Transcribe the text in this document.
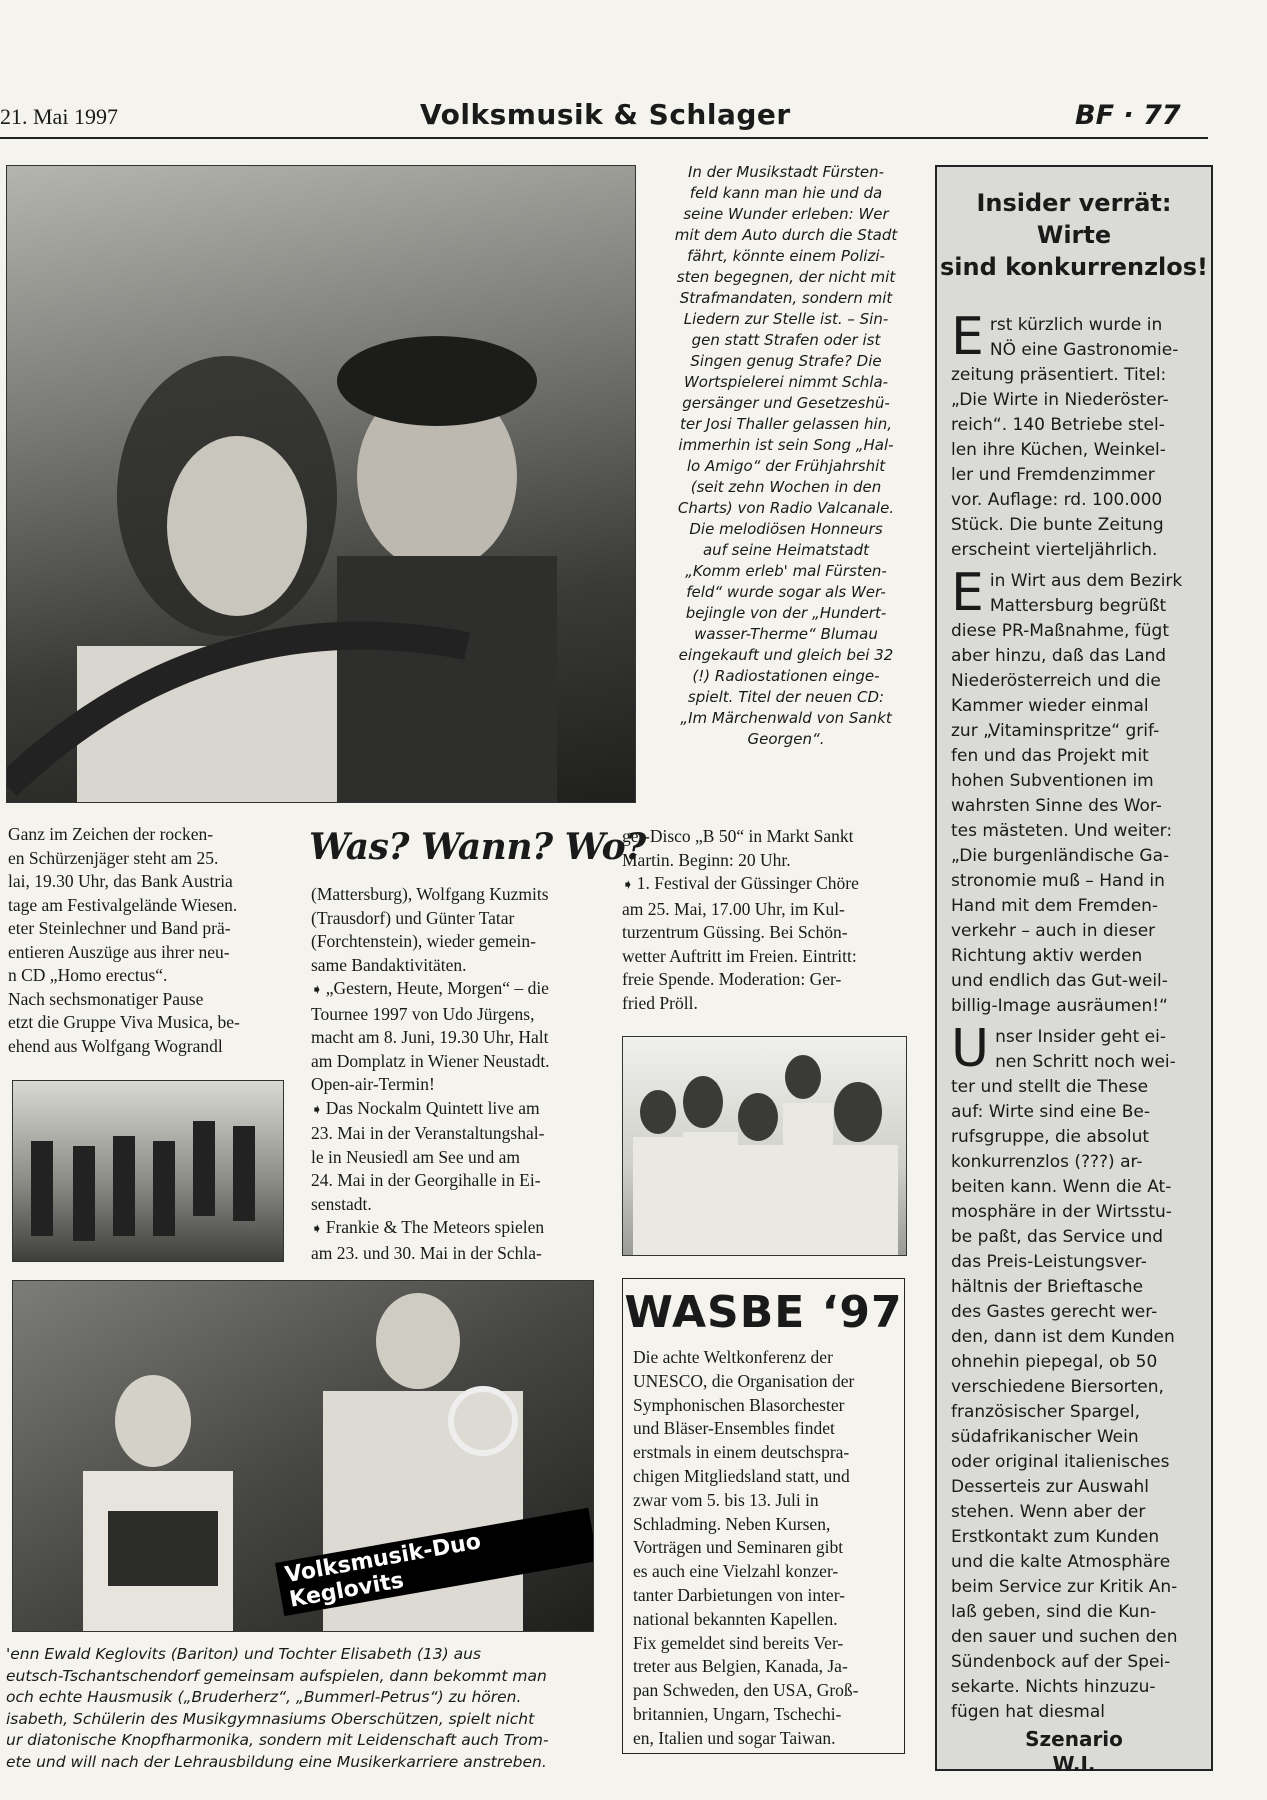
21. Mai 1997	Volksmusik & Schlager	BF · 77
In der Musikstadt Fürsten-
feld kann man hie und da
seine Wunder erleben: Wer
mit dem Auto durch die Stadt
fährt, könnte einem Polizi-
sten begegnen, der nicht mit
Strafmandaten, sondern mit
Liedern zur Stelle ist. – Sin-
gen statt Strafen oder ist
Singen genug Strafe? Die
Wortspielerei nimmt Schla-
gersänger und Gesetzeshü-
ter Josi Thaller gelassen hin,
immerhin ist sein Song „Hal-
lo Amigo“ der Frühjahrshit
(seit zehn Wochen in den
Charts) von Radio Valcanale.
Die melodiösen Honneurs
auf seine Heimatstadt
„Komm erleb' mal Fürsten-
feld“ wurde sogar als Wer-
bejingle von der „Hundert-
wasser-Therme“ Blumau
eingekauft und gleich bei 32
(!) Radiostationen einge-
spielt. Titel der neuen CD:
„Im Märchenwald von Sankt
Georgen“.
Ganz im Zeichen der rocken-
en Schürzenjäger steht am 25.
lai, 19.30 Uhr, das Bank Austria
tage am Festivalgelände Wiesen.
eter Steinlechner und Band prä-
entieren Auszüge aus ihrer neu-
n CD „Homo erectus“.
Nach sechsmonatiger Pause
etzt die Gruppe Viva Musica, be-
ehend aus Wolfgang Wograndl
Volksmusik-Duo Keglovits
'enn Ewald Keglovits (Bariton) und Tochter Elisabeth (13) aus
eutsch-Tschantschendorf gemeinsam aufspielen, dann bekommt man
och echte Hausmusik („Bruderherz“, „Bummerl-Petrus“) zu hören.
isabeth, Schülerin des Musikgymnasiums Oberschützen, spielt nicht
ur diatonische Knopfharmonika, sondern mit Leidenschaft auch Trom-
ete und will nach der Lehrausbildung eine Musikerkarriere anstreben.
Was? Wann? Wo?
(Mattersburg), Wolfgang Kuzmits
(Trausdorf) und Günter Tatar
(Forchtenstein), wieder gemein-
same Bandaktivitäten.
➧ „Gestern, Heute, Morgen“ – die
Tournee 1997 von Udo Jürgens,
macht am 8. Juni, 19.30 Uhr, Halt
am Domplatz in Wiener Neustadt.
Open-air-Termin!
➧ Das Nockalm Quintett live am
23. Mai in der Veranstaltungshal-
le in Neusiedl am See und am
24. Mai in der Georgihalle in Ei-
senstadt.
➧ Frankie & The Meteors spielen
am 23. und 30. Mai in der Schla-
ger-Disco „B 50“ in Markt Sankt
Martin. Beginn: 20 Uhr.
➧ 1. Festival der Güssinger Chöre
am 25. Mai, 17.00 Uhr, im Kul-
turzentrum Güssing. Bei Schön-
wetter Auftritt im Freien. Eintritt:
freie Spende. Moderation: Ger-
fried Pröll.
WASBE ‘97
Die achte Weltkonferenz der
UNESCO, die Organisation der
Symphonischen Blasorchester
und Bläser-Ensembles findet
erstmals in einem deutschspra-
chigen Mitgliedsland statt, und
zwar vom 5. bis 13. Juli in
Schladming. Neben Kursen,
Vorträgen und Seminaren gibt
es auch eine Vielzahl konzer-
tanter Darbietungen von inter-
national bekannten Kapellen.
Fix gemeldet sind bereits Ver-
treter aus Belgien, Kanada, Ja-
pan Schweden, den USA, Groß-
britannien, Ungarn, Tschechi-
en, Italien und sogar Taiwan.
Insider verrät: Wirte
sind konkurrenzlos!
Erst kürzlich wurde in
NÖ eine Gastronomie-
zeitung präsentiert. Titel:
„Die Wirte in Niederöster-
reich“. 140 Betriebe stel-
len ihre Küchen, Weinkel-
ler und Fremdenzimmer
vor. Auflage: rd. 100.000
Stück. Die bunte Zeitung
erscheint vierteljährlich.
Ein Wirt aus dem Bezirk
Mattersburg begrüßt
diese PR-Maßnahme, fügt
aber hinzu, daß das Land
Niederösterreich und die
Kammer wieder einmal
zur „Vitaminspritze“ grif-
fen und das Projekt mit
hohen Subventionen im
wahrsten Sinne des Wor-
tes mästeten. Und weiter:
„Die burgenländische Ga-
stronomie muß – Hand in
Hand mit dem Fremden-
verkehr – auch in dieser
Richtung aktiv werden
und endlich das Gut-weil-
billig-Image ausräumen!“
Unser Insider geht ei-
nen Schritt noch wei-
ter und stellt die These
auf: Wirte sind eine Be-
rufsgruppe, die absolut
konkurrenzlos (???) ar-
beiten kann. Wenn die At-
mosphäre in der Wirtsstu-
be paßt, das Service und
das Preis-Leistungsver-
hältnis der Brieftasche
des Gastes gerecht wer-
den, dann ist dem Kunden
ohnehin piepegal, ob 50
verschiedene Biersorten,
französischer Spargel,
südafrikanischer Wein
oder original italienisches
Desserteis zur Auswahl
stehen. Wenn aber der
Erstkontakt zum Kunden
und die kalte Atmosphäre
beim Service zur Kritik An-
laß geben, sind die Kun-
den sauer und suchen den
Sündenbock auf der Spei-
sekarte. Nichts hinzuzu-
fügen hat diesmal
Szenario
W.I.
